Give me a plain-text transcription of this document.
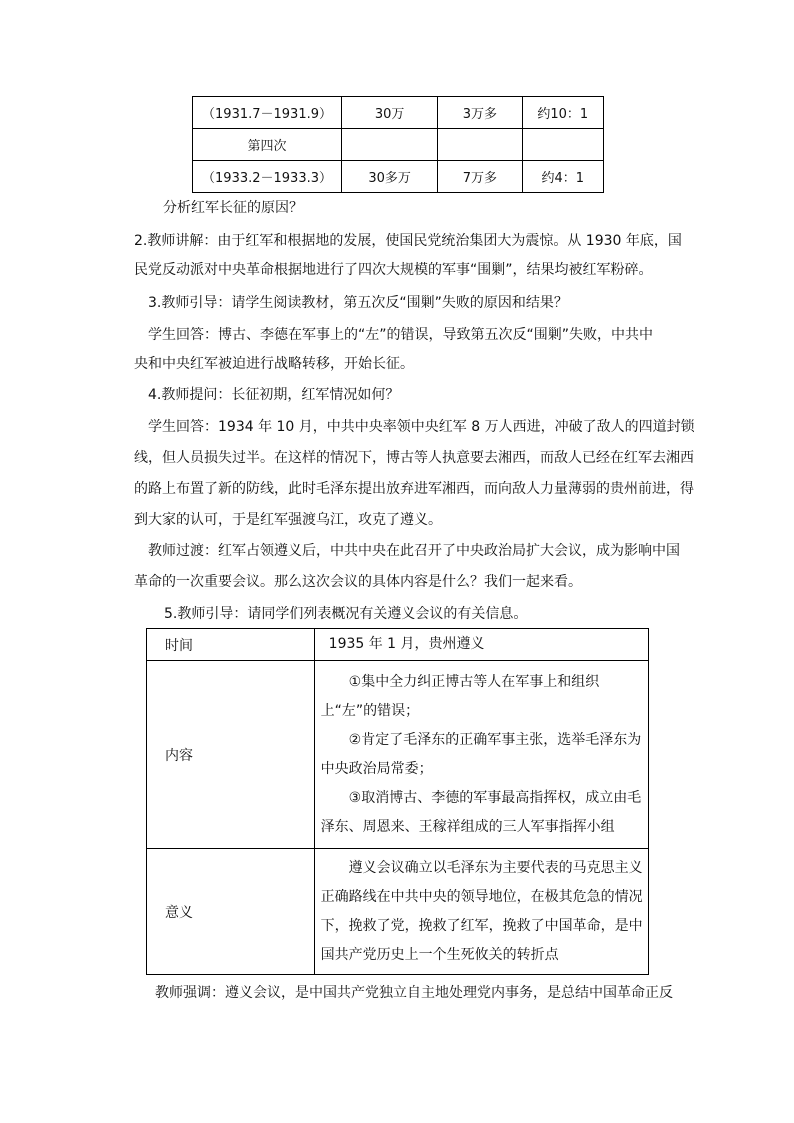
（1931.7－1931.9）	30万	3万多	约10：1
第四次			
（1933.2－1933.3）	30多万	7万多	约4：1
分析红军长征的原因？
2.教师讲解：由于红军和根据地的发展，使国民党统治集团大为震惊。从 1930 年底，国
民党反动派对中央革命根据地进行了四次大规模的军事“围剿”，结果均被红军粉碎。
3.教师引导：请学生阅读教材，第五次反“围剿”失败的原因和结果？
学生回答：博古、李德在军事上的“左”的错误，导致第五次反“围剿”失败，中共中
央和中央红军被迫进行战略转移，开始长征。
4.教师提问：长征初期，红军情况如何？
学生回答：1934 年 10 月，中共中央率领中央红军 8 万人西进，冲破了敌人的四道封锁
线，但人员损失过半。在这样的情况下，博古等人执意要去湘西，而敌人已经在红军去湘西
的路上布置了新的防线，此时毛泽东提出放弃进军湘西，而向敌人力量薄弱的贵州前进，得
到大家的认可，于是红军强渡乌江，攻克了遵义。
教师过渡：红军占领遵义后，中共中央在此召开了中央政治局扩大会议，成为影响中国
革命的一次重要会议。那么这次会议的具体内容是什么？我们一起来看。
5.教师引导：请同学们列表概况有关遵义会议的有关信息。
时间	1935 年 1 月，贵州遵义
内容	①集中全力纠正博古等人在军事上和组织上“左”的错误；
②肯定了毛泽东的正确军事主张，选举毛泽东为中央政治局常委；
③取消博古、李德的军事最高指挥权，成立由毛泽东、周恩来、王稼祥组成的三人军事指挥小组

意义	遵义会议确立以毛泽东为主要代表的马克思主义正确路线在中共中央的领导地位，在极其危急的情况下，挽救了党，挽救了红军，挽救了中国革命，是中国共产党历史上一个生死攸关的转折点
教师强调：遵义会议，是中国共产党独立自主地处理党内事务，是总结中国革命正反
